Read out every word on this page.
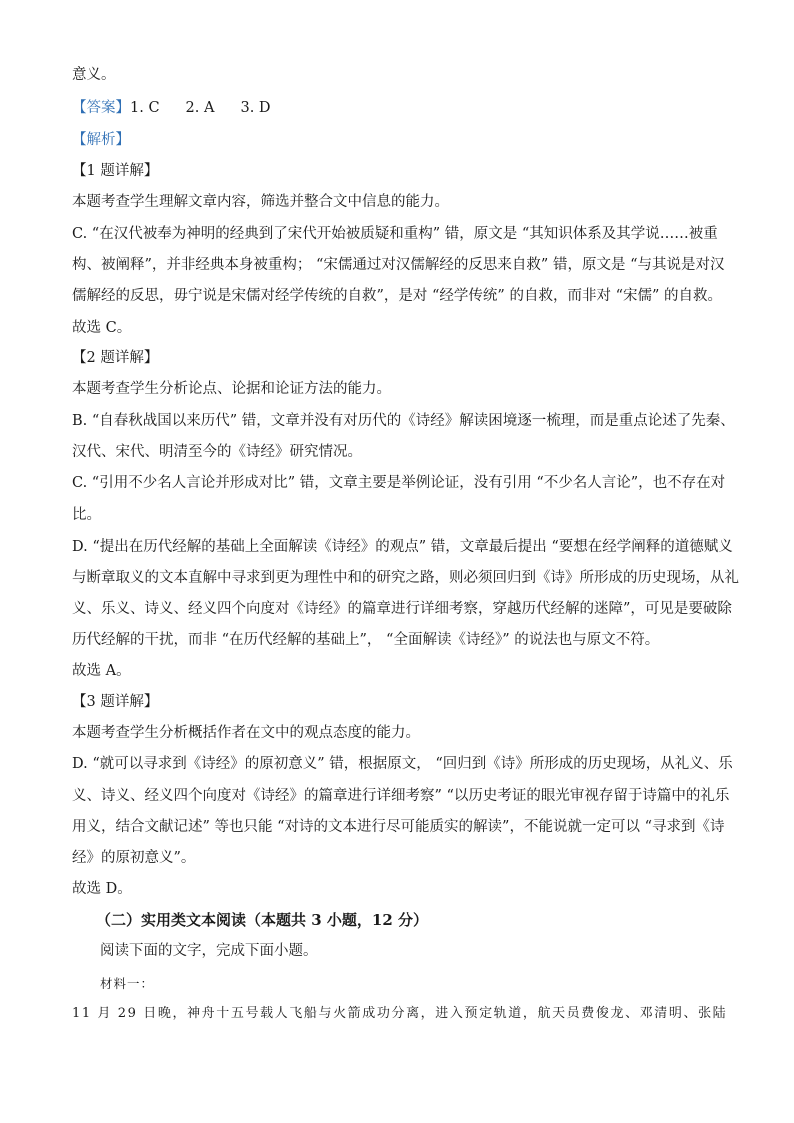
意义。
【答案】1. C 2. A 3. D
【解析】
【1 题详解】
本题考查学生理解文章内容，筛选并整合文中信息的能力。
C. “在汉代被奉为神明的经典到了宋代开始被质疑和重构” 错，原文是 “其知识体系及其学说……被重
构、被阐释”，并非经典本身被重构； “宋儒通过对汉儒解经的反思来自救” 错，原文是 “与其说是对汉
儒解经的反思，毋宁说是宋儒对经学传统的自救”，是对 “经学传统” 的自救，而非对 “宋儒” 的自救。
故选 C。
【2 题详解】
本题考查学生分析论点、论据和论证方法的能力。
B. “自春秋战国以来历代” 错，文章并没有对历代的《诗经》解读困境逐一梳理，而是重点论述了先秦、
汉代、宋代、明清至今的《诗经》研究情况。
C. “引用不少名人言论并形成对比” 错，文章主要是举例论证，没有引用 “不少名人言论”，也不存在对
比。
D. “提出在历代经解的基础上全面解读《诗经》的观点” 错，文章最后提出 “要想在经学阐释的道德赋义
与断章取义的文本直解中寻求到更为理性中和的研究之路，则必须回归到《诗》所形成的历史现场，从礼
义、乐义、诗义、经义四个向度对《诗经》的篇章进行详细考察，穿越历代经解的迷障”，可见是要破除
历代经解的干扰，而非 “在历代经解的基础上”， “全面解读《诗经》” 的说法也与原文不符。
故选 A。
【3 题详解】
本题考查学生分析概括作者在文中的观点态度的能力。
D. “就可以寻求到《诗经》的原初意义” 错，根据原文， “回归到《诗》所形成的历史现场，从礼义、乐
义、诗义、经义四个向度对《诗经》的篇章进行详细考察” “以历史考证的眼光审视存留于诗篇中的礼乐
用义，结合文献记述” 等也只能 “对诗的文本进行尽可能质实的解读”，不能说就一定可以 “寻求到《诗
经》的原初意义”。
故选 D。
（二）实用类文本阅读（本题共 3 小题，12 分）
阅读下面的文字，完成下面小题。
材料一：
11 月 29 日晚，神舟十五号载人飞船与火箭成功分离，进入预定轨道，航天员费俊龙、邓清明、张陆
